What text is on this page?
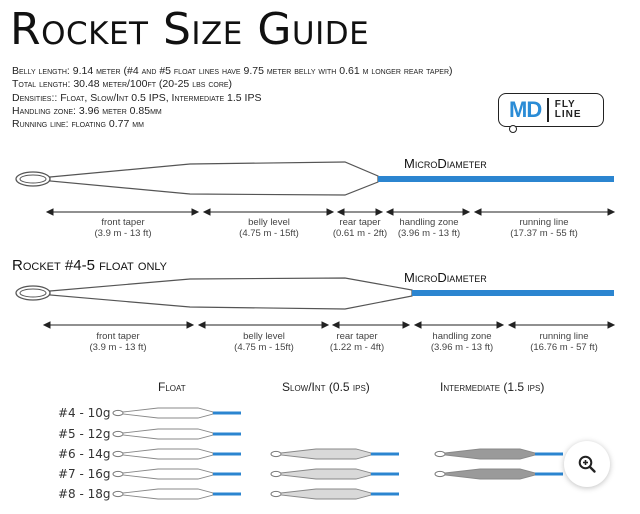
Rocket Size Guide
Belly length: 9.14 meter (#4 and #5 float lines have 9.75 meter belly with 0.61 m longer rear taper)
Total length: 30.48 meter/100ft (20-25 lbs core)
Densities:: Float, Slow/Int 0.5 IPS, Intermediate 1.5 IPS
Handling zone: 3.96 meter 0.85mm
Running line: floating 0.77 mm
MD FLY
LINE
MicroDiameter
front taper
(3.9 m - 13 ft)
belly level
(4.75 m - 15ft)
rear taper
(0.61 m - 2ft)
handling zone
(3.96 m - 13 ft)
running line
(17.37 m - 55 ft)
Rocket #4-5 float only
MicroDiameter
front taper
(3.9 m - 13 ft)
belly level
(4.75 m - 15ft)
rear taper
(1.22 m - 4ft)
handling zone
(3.96 m - 13 ft)
running line
(16.76 m - 57 ft)
Float	Slow/Int (0.5 ips)	Intermediate (1.5 ips)
#4 - 10g
#5 - 12g
#6 - 14g
#7 - 16g
#8 - 18g
